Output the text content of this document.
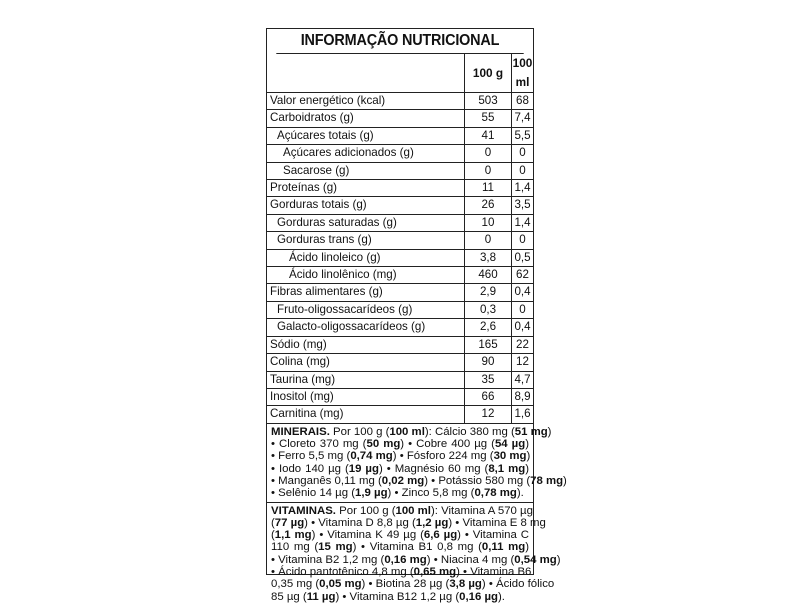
INFORMAÇÃO NUTRICIONAL
	100 g	100 ml
Valor energético (kcal)	503	68
Carboidratos (g)	55	7,4
Açúcares totais (g)	41	5,5
Açúcares adicionados (g)	0	0
Sacarose (g)	0	0
Proteínas (g)	11	1,4
Gorduras totais (g)	26	3,5
Gorduras saturadas (g)	10	1,4
Gorduras trans (g)	0	0
Ácido linoleico (g)	3,8	0,5
Ácido linolênico (mg)	460	62
Fibras alimentares (g)	2,9	0,4
Fruto-oligossacarídeos (g)	0,3	0
Galacto-oligossacarídeos (g)	2,6	0,4
Sódio (mg)	165	22
Colina (mg)	90	12
Taurina (mg)	35	4,7
Inositol (mg)	66	8,9
Carnitina (mg)	12	1,6
MINERAIS. Por 100 g (100 ml): Cálcio 380 mg (51 mg)
• Cloreto 370 mg (50 mg) • Cobre 400 µg (54 µg)
• Ferro 5,5 mg (0,74 mg) • Fósforo 224 mg (30 mg)
• Iodo 140 µg (19 µg) • Magnésio 60 mg (8,1 mg)
• Manganês 0,11 mg (0,02 mg) • Potássio 580 mg (78 mg)
• Selênio 14 µg (1,9 µg) • Zinco 5,8 mg (0,78 mg).
VITAMINAS. Por 100 g (100 ml): Vitamina A 570 µg
(77 µg) • Vitamina D 8,8 µg (1,2 µg) • Vitamina E 8 mg
(1,1 mg) • Vitamina K 49 µg (6,6 µg) • Vitamina C
110 mg (15 mg) • Vitamina B1 0,8 mg (0,11 mg)
• Vitamina B2 1,2 mg (0,16 mg) • Niacina 4 mg (0,54 mg)
• Ácido pantotênico 4,8 mg (0,65 mg) • Vitamina B6
0,35 mg (0,05 mg) • Biotina 28 µg (3,8 µg) • Ácido fólico
85 µg (11 µg) • Vitamina B12 1,2 µg (0,16 µg).
